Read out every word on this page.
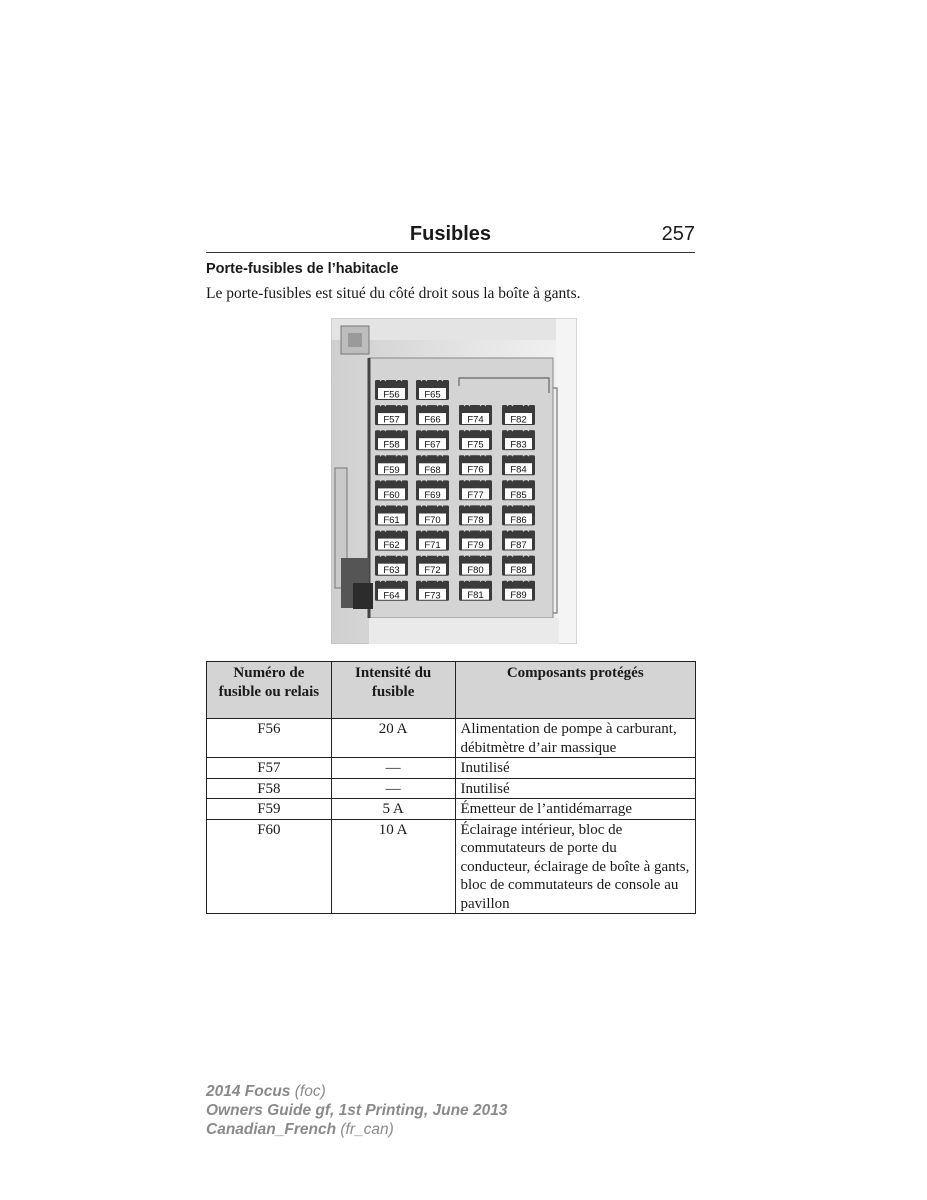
Fusibles	257
Porte-fusibles de l’habitacle
Le porte-fusibles est situé du côté droit sous la boîte à gants.
F56
F57
F58
F59
F60
F61
F62
F63
F64
F65
F66
F67
F68
F69
F70
F71
F72
F73
F74
F75
F76
F77
F78
F79
F80
F81
F82
F83
F84
F85
F86
F87
F88
F89
Numéro de fusible ou relais	Intensité du fusible	Composants protégés
F56	20 A	Alimentation de pompe à carburant, débitmètre d’air massique
F57	—	Inutilisé
F58	—	Inutilisé
F59	5 A	Émetteur de l’antidémarrage
F60	10 A	Éclairage intérieur, bloc de commutateurs de porte du conducteur, éclairage de boîte à gants, bloc de commutateurs de console au pavillon
2014 Focus (foc)
Owners Guide gf, 1st Printing, June 2013
Canadian_French (fr_can)
